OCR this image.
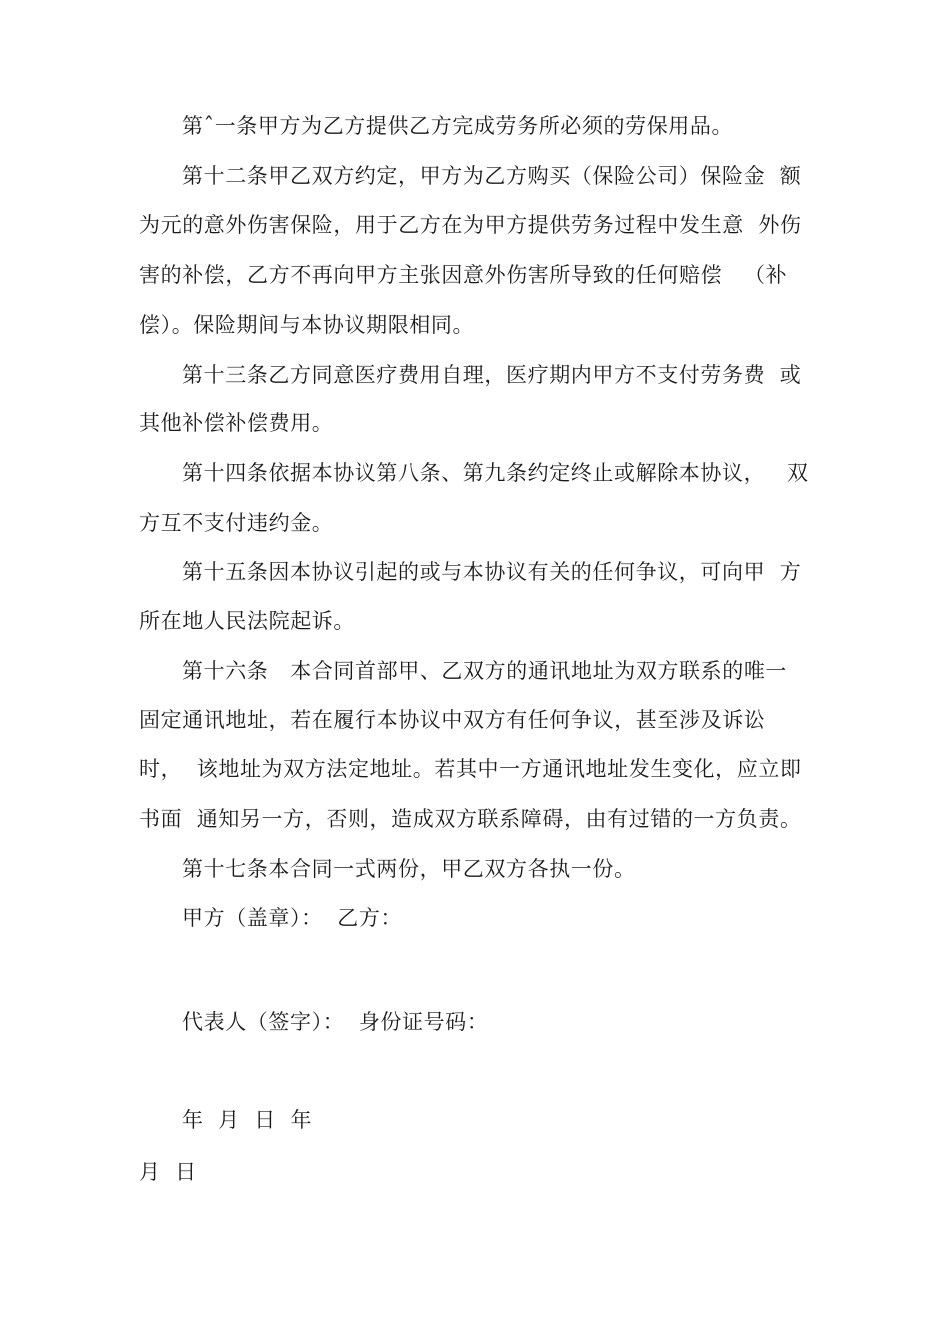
第ˆ一条甲方为乙方提供乙方完成劳务所必须的劳保用品。
第十二条甲乙双方约定，甲方为乙方购买（保险公司）保险金  额
为元的意外伤害保险，用于乙方在为甲方提供劳务过程中发生意  外伤
害的补偿，乙方不再向甲方主张因意外伤害所导致的任何赔偿   （补
偿）。保险期间与本协议期限相同。
第十三条乙方同意医疗费用自理，医疗期内甲方不支付劳务费  或
其他补偿补偿费用。
第十四条依据本协议第八条、第九条约定终止或解除本协议，   双
方互不支付违约金。
第十五条因本协议引起的或与本协议有关的任何争议，可向甲  方
所在地人民法院起诉。
第十六条   本合同首部甲、乙双方的通讯地址为双方联系的唯一
固定通讯地址，若在履行本协议中双方有任何争议，甚至涉及诉讼
时，  该地址为双方法定地址。若其中一方通讯地址发生变化，应立即
书面  通知另一方，否则，造成双方联系障碍，由有过错的一方负责。
第十七条本合同一式两份，甲乙双方各执一份。
甲方（盖章）：  乙方：
代表人（签字）：  身份证号码：
年  月  日  年
月  日
